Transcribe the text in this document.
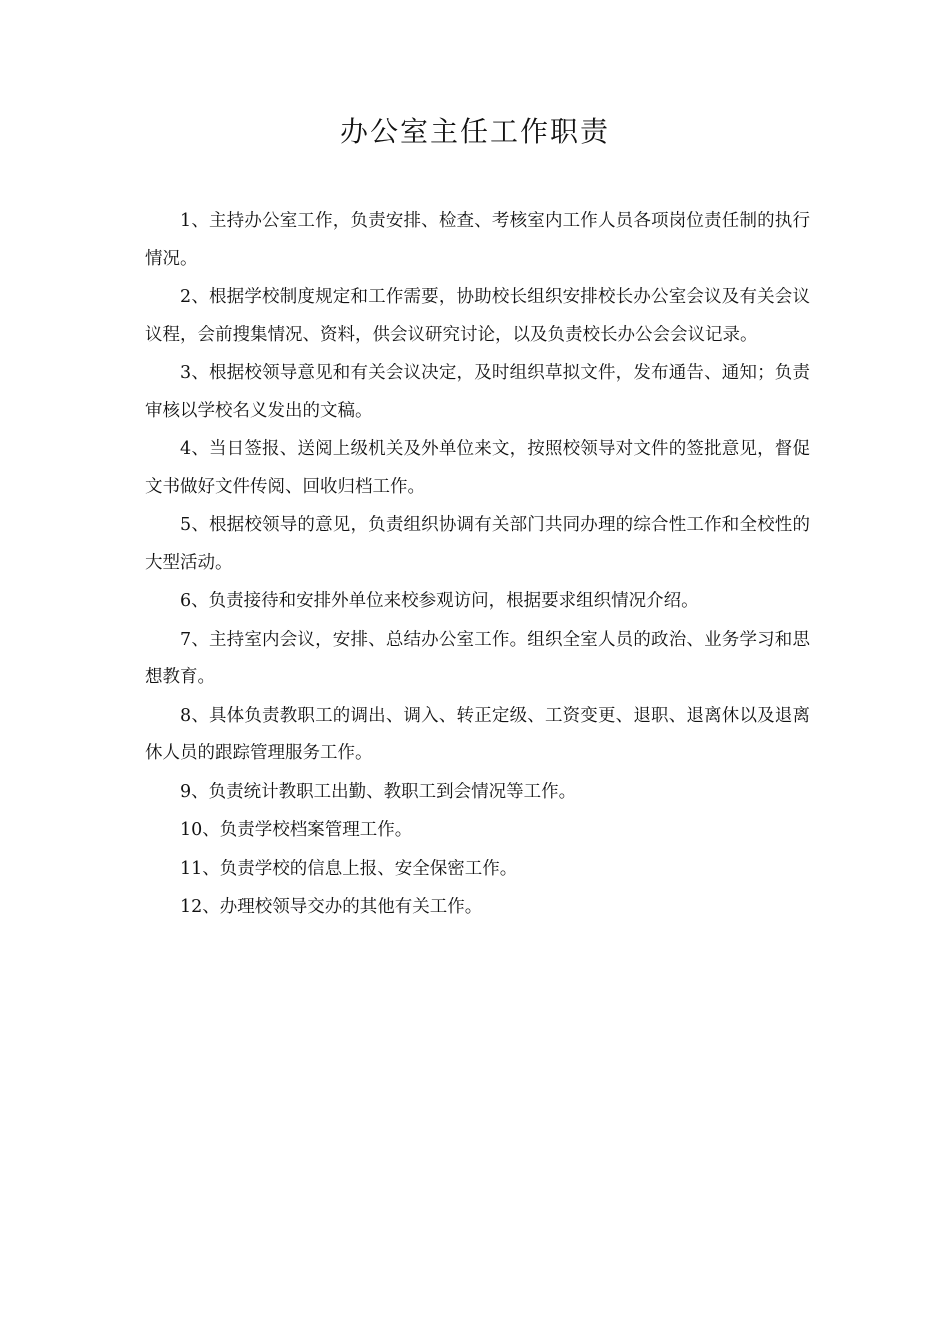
办公室主任工作职责

1、主持办公室工作，负责安排、检查、考核室内工作人员各项岗位责任制的执行情况。

2、根据学校制度规定和工作需要，协助校长组织安排校长办公室会议及有关会议议程，会前搜集情况、资料，供会议研究讨论，以及负责校长办公会会议记录。

3、根据校领导意见和有关会议决定，及时组织草拟文件，发布通告、通知；负责审核以学校名义发出的文稿。

4、当日签报、送阅上级机关及外单位来文，按照校领导对文件的签批意见，督促文书做好文件传阅、回收归档工作。

5、根据校领导的意见，负责组织协调有关部门共同办理的综合性工作和全校性的大型活动。

6、负责接待和安排外单位来校参观访问，根据要求组织情况介绍。

7、主持室内会议，安排、总结办公室工作。组织全室人员的政治、业务学习和思想教育。

8、具体负责教职工的调出、调入、转正定级、工资变更、退职、退离休以及退离休人员的跟踪管理服务工作。

9、负责统计教职工出勤、教职工到会情况等工作。

10、负责学校档案管理工作。

11、负责学校的信息上报、安全保密工作。

12、办理校领导交办的其他有关工作。
